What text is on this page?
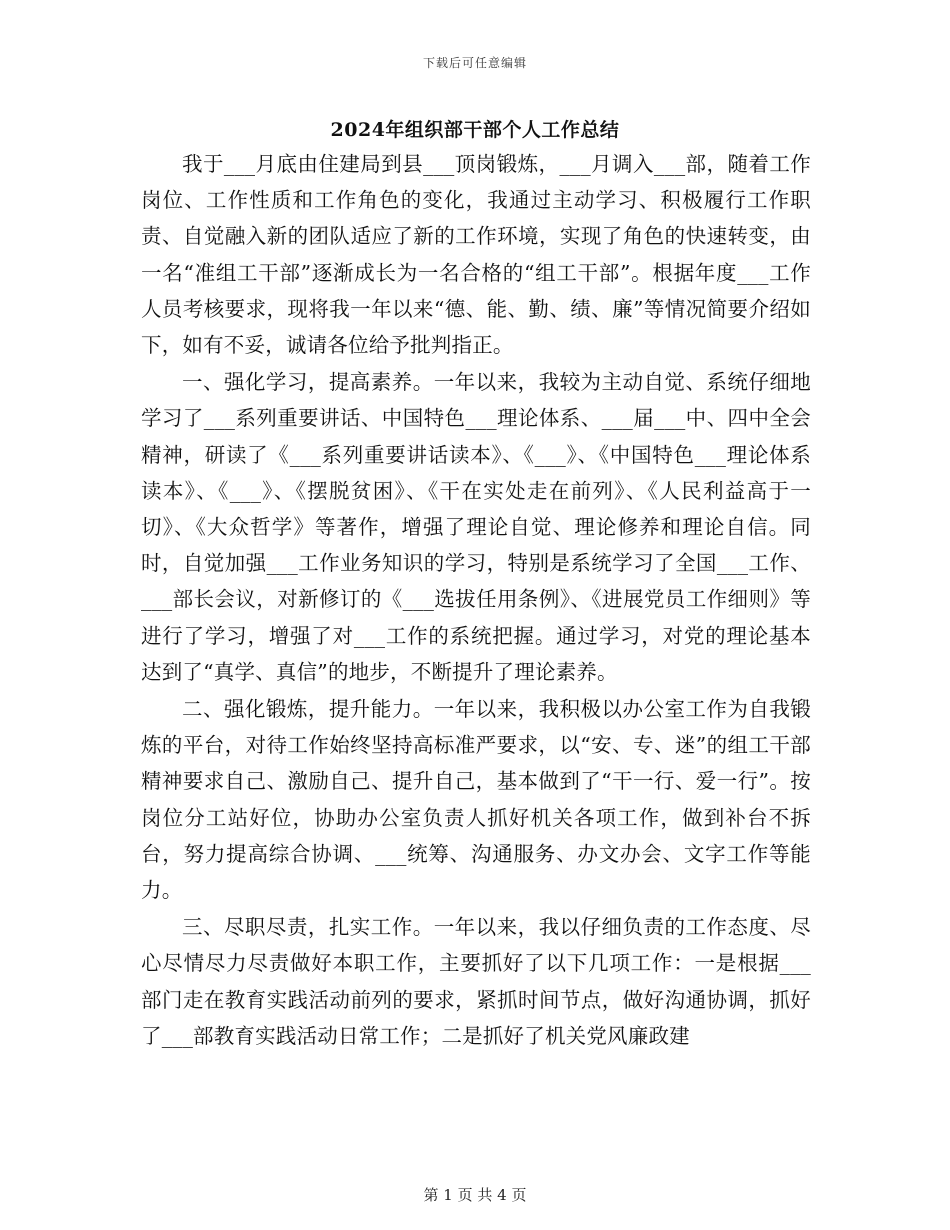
下载后可任意编辑
2024年组织部干部个人工作总结

我于___月底由住建局到县___顶岗锻炼，___月调入___部，随着工作岗位、工作性质和工作角色的变化，我通过主动学习、积极履行工作职责、自觉融入新的团队适应了新的工作环境，实现了角色的快速转变，由一名“准组工干部”逐渐成长为一名合格的“组工干部”。根据年度___工作人员考核要求，现将我一年以来“德、能、勤、绩、廉”等情况简要介绍如下，如有不妥，诚请各位给予批判指正。

一、强化学习，提高素养。一年以来，我较为主动自觉、系统仔细地学习了___系列重要讲话、中国特色___理论体系、___届___中、四中全会精神，研读了《___系列重要讲话读本》、《___》、《中国特色___理论体系读本》、《___》、《摆脱贫困》、《干在实处走在前列》、《人民利益高于一切》、《大众哲学》等著作，增强了理论自觉、理论修养和理论自信。同时，自觉加强___工作业务知识的学习，特别是系统学习了全国___工作、___部长会议，对新修订的《___选拔任用条例》、《进展党员工作细则》等进行了学习，增强了对___工作的系统把握。通过学习，对党的理论基本达到了“真学、真信”的地步，不断提升了理论素养。

二、强化锻炼，提升能力。一年以来，我积极以办公室工作为自我锻炼的平台，对待工作始终坚持高标准严要求，以“安、专、迷”的组工干部精神要求自己、激励自己、提升自己，基本做到了“干一行、爱一行”。按岗位分工站好位，协助办公室负责人抓好机关各项工作，做到补台不拆台，努力提高综合协调、___统筹、沟通服务、办文办会、文字工作等能力。

三、尽职尽责，扎实工作。一年以来，我以仔细负责的工作态度、尽心尽情尽力尽责做好本职工作，主要抓好了以下几项工作：一是根据___部门走在教育实践活动前列的要求，紧抓时间节点，做好沟通协调，抓好了___部教育实践活动日常工作；二是抓好了机关党风廉政建

第 1 页 共 4 页
